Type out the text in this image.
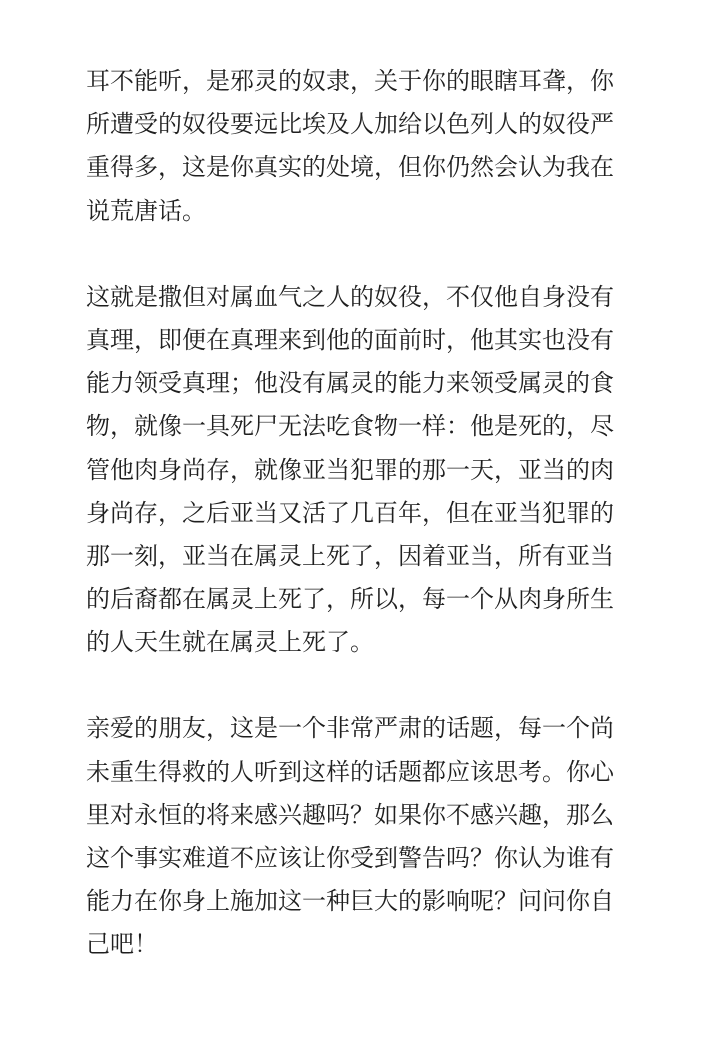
耳不能听，是邪灵的奴隶，关于你的眼瞎耳聋，你
所遭受的奴役要远比埃及人加给以色列人的奴役严
重得多，这是你真实的处境，但你仍然会认为我在
说荒唐话。

这就是撒但对属血气之人的奴役，不仅他自身没有
真理，即便在真理来到他的面前时，他其实也没有
能力领受真理；他没有属灵的能力来领受属灵的食
物，就像一具死尸无法吃食物一样：他是死的，尽
管他肉身尚存，就像亚当犯罪的那一天，亚当的肉
身尚存，之后亚当又活了几百年，但在亚当犯罪的
那一刻，亚当在属灵上死了，因着亚当，所有亚当
的后裔都在属灵上死了，所以，每一个从肉身所生
的人天生就在属灵上死了。

亲爱的朋友，这是一个非常严肃的话题，每一个尚
未重生得救的人听到这样的话题都应该思考。你心
里对永恒的将来感兴趣吗？如果你不感兴趣，那么
这个事实难道不应该让你受到警告吗？你认为谁有
能力在你身上施加这一种巨大的影响呢？问问你自
己吧！
